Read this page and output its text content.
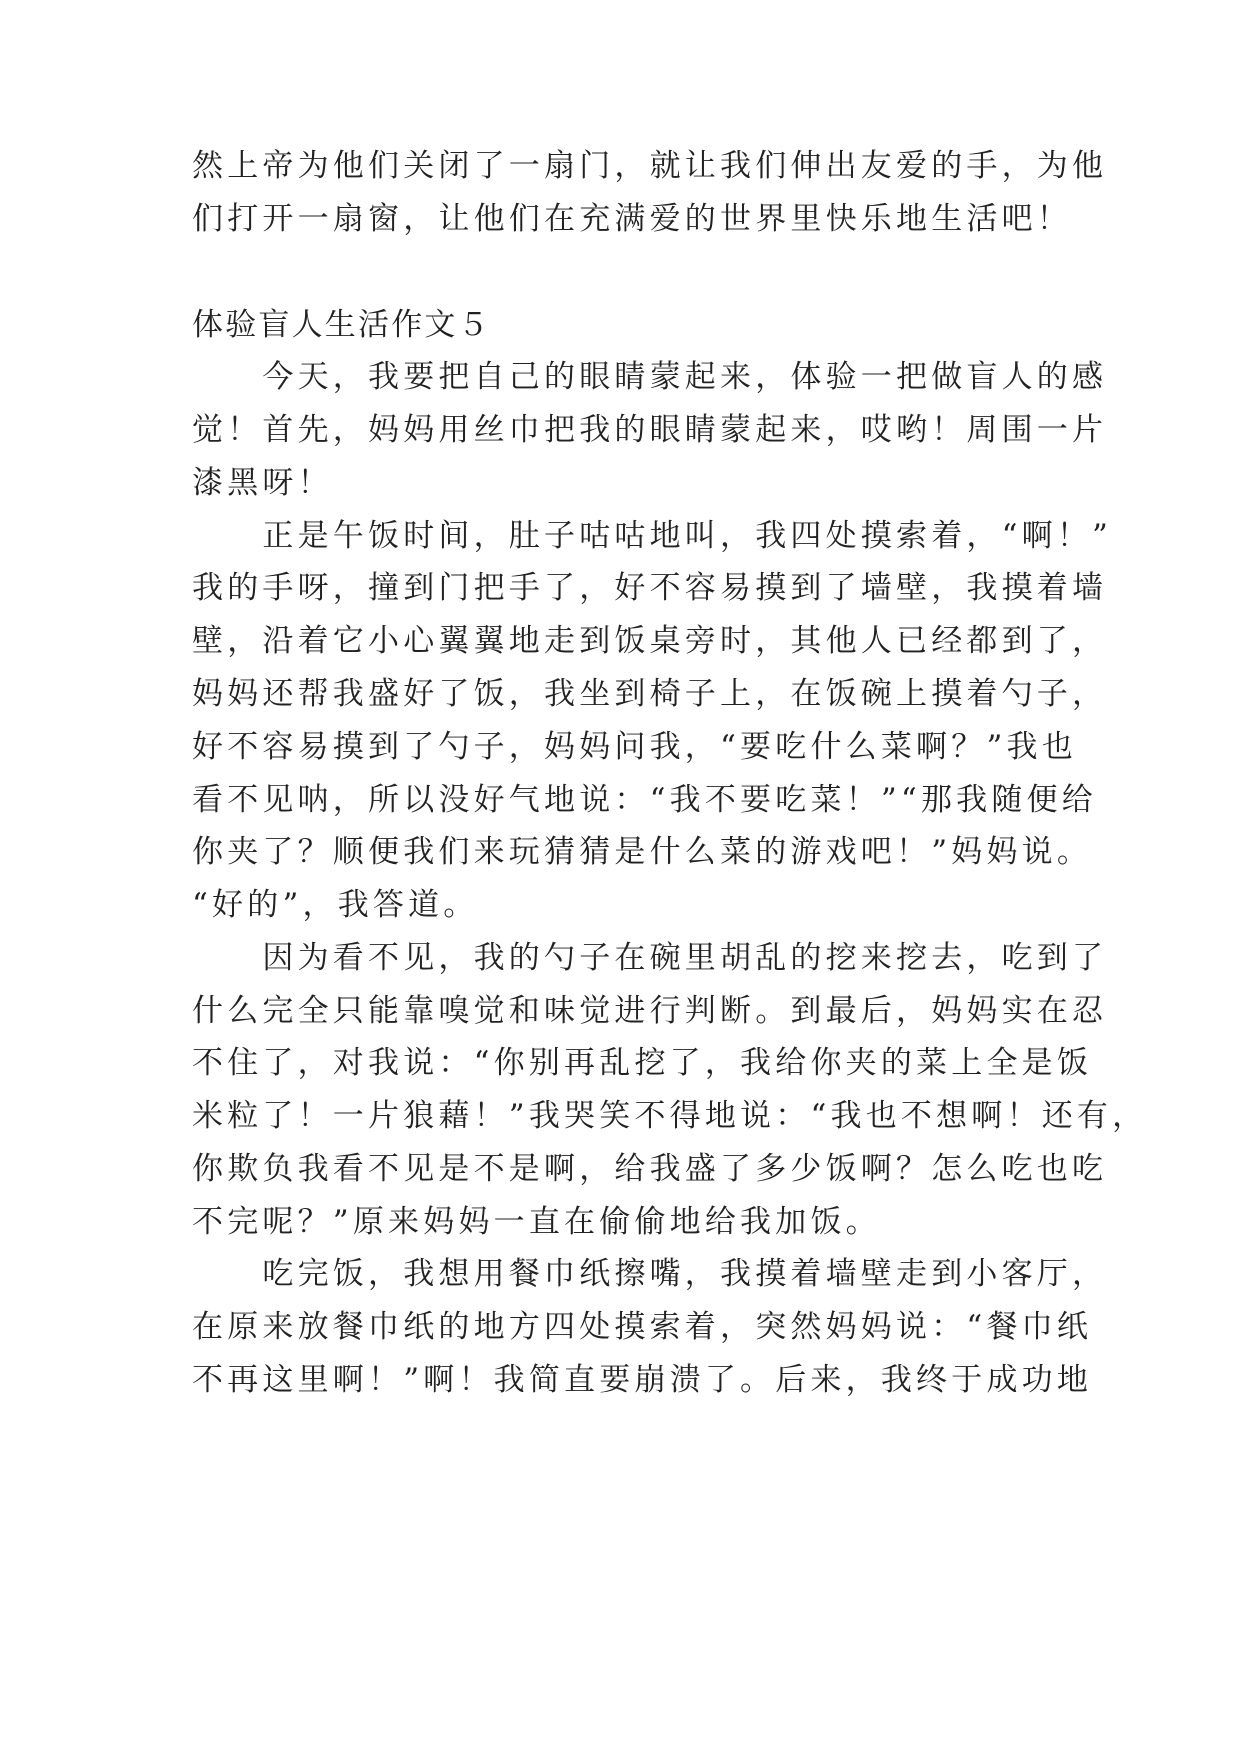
然上帝为他们关闭了一扇门，就让我们伸出友爱的手，为他

们打开一扇窗，让他们在充满爱的世界里快乐地生活吧！

体验盲人生活作文５

　　今天，我要把自己的眼睛蒙起来，体验一把做盲人的感

觉！首先，妈妈用丝巾把我的眼睛蒙起来，哎哟！周围一片

漆黑呀！

　　正是午饭时间，肚子咕咕地叫，我四处摸索着，“啊！”

我的手呀，撞到门把手了，好不容易摸到了墙壁，我摸着墙

壁，沿着它小心翼翼地走到饭桌旁时，其他人已经都到了，

妈妈还帮我盛好了饭，我坐到椅子上，在饭碗上摸着勺子，

好不容易摸到了勺子，妈妈问我，“要吃什么菜啊？”我也

看不见呐，所以没好气地说：“我不要吃菜！”“那我随便给

你夹了？顺便我们来玩猜猜是什么菜的游戏吧！”妈妈说。

“好的”，我答道。

　　因为看不见，我的勺子在碗里胡乱的挖来挖去，吃到了

什么完全只能靠嗅觉和味觉进行判断。到最后，妈妈实在忍

不住了，对我说：“你别再乱挖了，我给你夹的菜上全是饭

米粒了！一片狼藉！”我哭笑不得地说：“我也不想啊！还有，

你欺负我看不见是不是啊，给我盛了多少饭啊？怎么吃也吃

不完呢？”原来妈妈一直在偷偷地给我加饭。

　　吃完饭，我想用餐巾纸擦嘴，我摸着墙壁走到小客厅，

在原来放餐巾纸的地方四处摸索着，突然妈妈说：“餐巾纸

不再这里啊！”啊！我简直要崩溃了。后来，我终于成功地
